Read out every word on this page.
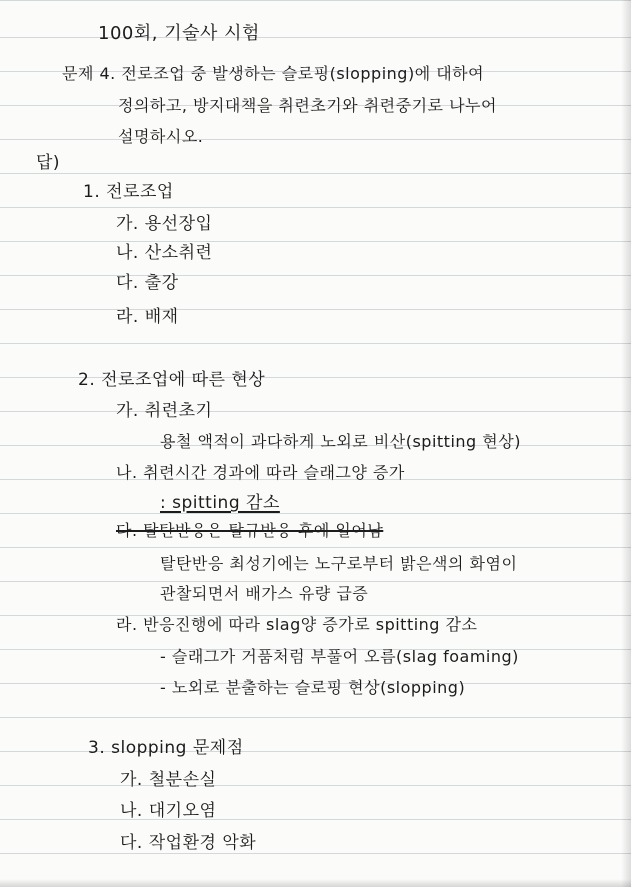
100회, 기술사 시험
문제 4. 전로조업 중 발생하는 슬로핑(slopping)에 대하여
정의하고, 방지대책을 취련초기와 취련중기로 나누어
설명하시오.
답)
1. 전로조업
가. 용선장입
나. 산소취련
다. 출강
라. 배재
2. 전로조업에 따른 현상
가. 취련초기
용철 액적이 과다하게 노외로 비산(spitting 현상)
나. 취련시간 경과에 따라 슬래그양 증가
: spitting 감소
다. 탈탄반응은 탈규반응 후에 일어남
탈탄반응 최성기에는 노구로부터 밝은색의 화염이
관찰되면서 배가스 유량 급증
라. 반응진행에 따라 slag양 증가로 spitting 감소
- 슬래그가 거품처럼 부풀어 오름(slag foaming)
- 노외로 분출하는 슬로핑 현상(slopping)
3. slopping 문제점
가. 철분손실
나. 대기오염
다. 작업환경 악화
